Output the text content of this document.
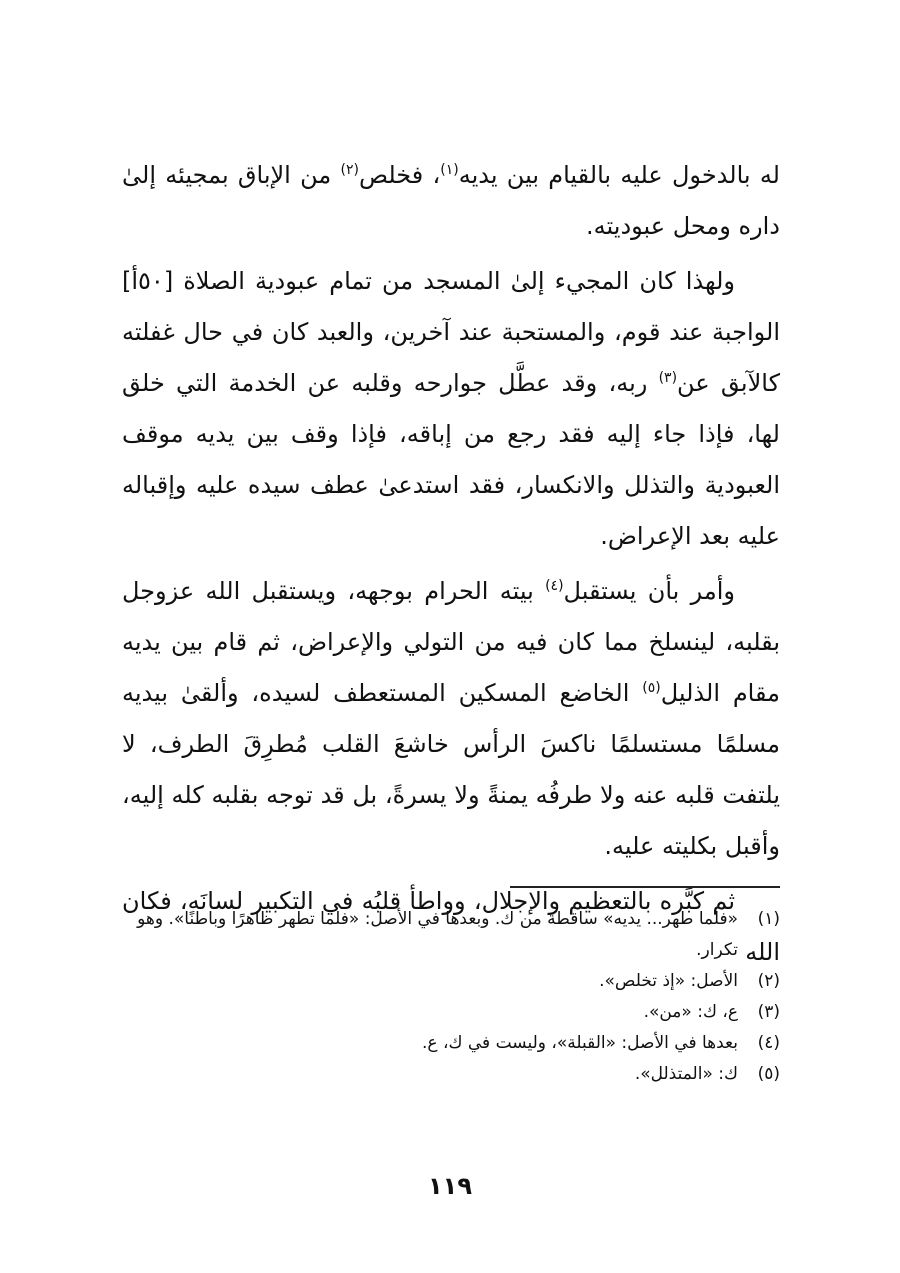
له بالدخول عليه بالقيام بين يديه$^{(١)}$، فخلص$^{(٢)}$ من الإباق بمجيئه إلىٰ داره ومحل عبوديته.

ولهذا كان المجيء إلىٰ المسجد من تمام عبودية الصلاة [٥٠أ] الواجبة عند قوم، والمستحبة عند آخرين، والعبد كان في حال غفلته كالآبق عن$^{(٣)}$ ربه، وقد عطَّل جوارحه وقلبه عن الخدمة التي خلق لها، فإذا جاء إليه فقد رجع من إباقه، فإذا وقف بين يديه موقف العبودية والتذلل والانكسار، فقد استدعىٰ عطف سيده عليه وإقباله عليه بعد الإعراض.

وأمر بأن يستقبل$^{(٤)}$ بيته الحرام بوجهه، ويستقبل الله عزوجل بقلبه، لينسلخ مما كان فيه من التولي والإعراض، ثم قام بين يديه مقام الذليل$^{(٥)}$ الخاضع المسكين المستعطف لسيده، وألقىٰ بيديه مسلمًا مستسلمًا ناكسَ الرأس خاشعَ القلب مُطرِقَ الطرف، لا يلتفت قلبه عنه ولا طرفُه يمنةً ولا يسرةً، بل قد توجه بقلبه كله إليه، وأقبل بكليته عليه.

ثم كبَّره بالتعظيم والإجلال، وواطأ قلبُه في التكبير لسانَه، فكان الله

(١)
«فلما طهر... يديه» ساقطة من ك. وبعدها في الأصل: «فلما تطهر ظاهرًا وباطنًا». وهو تكرار.
(٢)
الأصل: «إذ تخلص».
(٣)
ع، ك: «من».
(٤)
بعدها في الأصل: «القبلة»، وليست في ك، ع.
(٥)
ك: «المتذلل».
١١٩
